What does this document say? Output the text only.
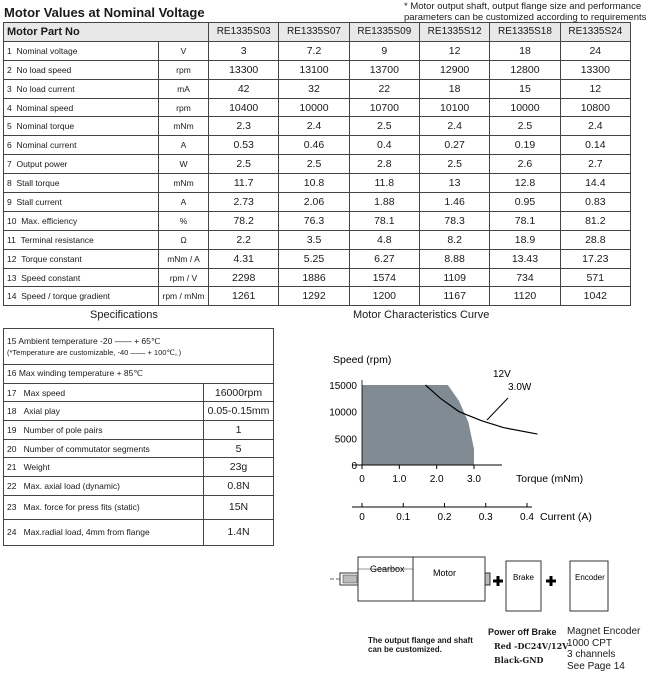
Motor Values at Nominal Voltage	* Motor output shaft, output flange size and performance parameters can be customized according to requirements
Motor Part No		RE1335S03	RE1335S07	RE1335S09	RE1335S12	RE1335S18	RE1335S24
1 Nominal voltage	V	3	7.2	9	12	18	24
2 No load speed	rpm	13300	13100	13700	12900	12800	13300
3 No load current	mA	42	32	22	18	15	12
4 Nominal speed	rpm	10400	10000	10700	10100	10000	10800
5 Nominal torque	mNm	2.3	2.4	2.5	2.4	2.5	2.4
6 Nominal current	A	0.53	0.46	0.4	0.27	0.19	0.14
7 Output power	W	2.5	2.5	2.8	2.5	2.6	2.7
8 Stall torque	mNm	11.7	10.8	11.8	13	12.8	14.4
9 Stall current	A	2.73	2.06	1.88	1.46	0.95	0.83
10 Max. efficiency	%	78.2	76.3	78.1	78.3	78.1	81.2
11 Terminal resistance	Ω	2.2	3.5	4.8	8.2	18.9	28.8
12 Torque constant	mNm / A	4.31	5.25	6.27	8.88	13.43	17.23
13 Speed constant	rpm / V	2298	1886	1574	1109	734	571
14 Speed / torque gradient	rpm / mNm	1261	1292	1200	1167	1120	1042
Specifications
15 Ambient temperature -20 —— + 65℃
(*Temperature are customizable, -40 —— + 100℃。)	

16 Max winding temperature + 85℃	
17 Max speed	16000rpm
18 Axial play	0.05-0.15mm
19 Number of pole pairs	1
20 Number of commutator segments	5
21 Weight	23g
22 Max. axial load (dynamic)	0.8N
23 Max. force for press fits (static)	15N
24 Max.radial load, 4mm from flange	1.4N
Motor Characteristics Curve
12V
3.0W
15000
10000
5000
0
Speed (rpm)
0	1.0 2.0 3.0	Torque (mNm)
0	0.1	0.2	0.3	0.4 Current (A)
Gearbox	Motor	Brake	Encoder
The output flange and shaft
can be customized.
Power off Brake
Red -DC24V/12V
Black-GND
Magnet Encoder
1000 CPT
3 channels
See Page 14
